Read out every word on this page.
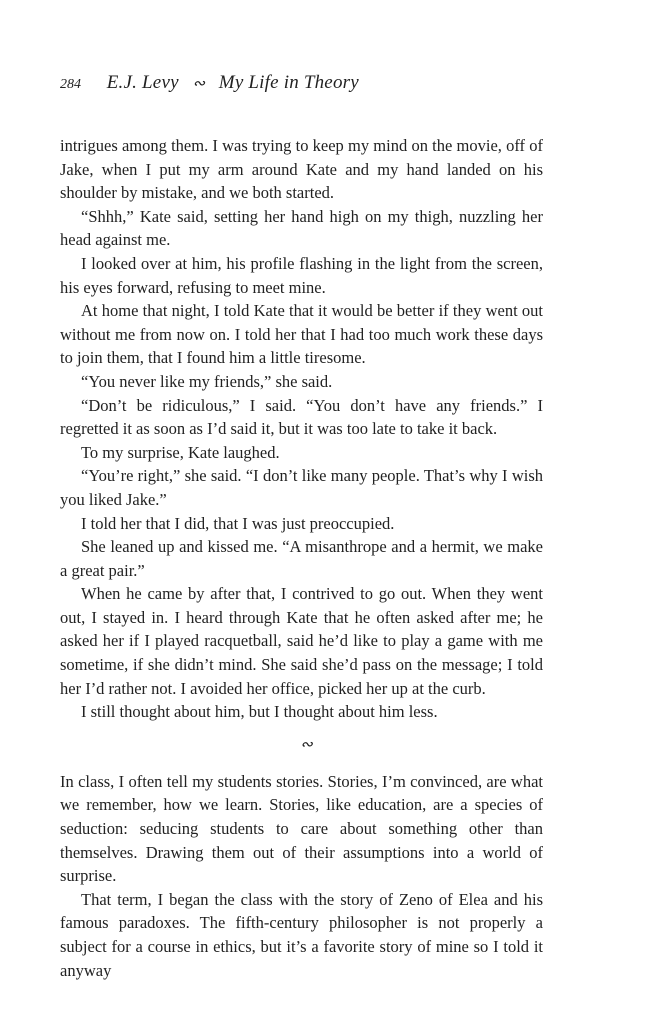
284 E.J. Levy ∾ My Life in Theory

intrigues among them. I was trying to keep my mind on the movie, off of Jake, when I put my arm around Kate and my hand landed on his shoulder by mistake, and we both started.

“Shhh,” Kate said, setting her hand high on my thigh, nuzzling her head against me.

I looked over at him, his profile flashing in the light from the screen, his eyes forward, refusing to meet mine.

At home that night, I told Kate that it would be better if they went out without me from now on. I told her that I had too much work these days to join them, that I found him a little tiresome.

“You never like my friends,” she said.

“Don’t be ridiculous,” I said. “You don’t have any friends.” I regretted it as soon as I’d said it, but it was too late to take it back.

To my surprise, Kate laughed.

“You’re right,” she said. “I don’t like many people. That’s why I wish you liked Jake.”

I told her that I did, that I was just preoccupied.

She leaned up and kissed me. “A misanthrope and a hermit, we make a great pair.”

When he came by after that, I contrived to go out. When they went out, I stayed in. I heard through Kate that he often asked after me; he asked her if I played racquetball, said he’d like to play a game with me sometime, if she didn’t mind. She said she’d pass on the message; I told her I’d rather not. I avoided her office, picked her up at the curb.

I still thought about him, but I thought about him less.

∾

In class, I often tell my students stories. Stories, I’m convinced, are what we remember, how we learn. Stories, like education, are a species of seduction: seducing students to care about something other than themselves. Drawing them out of their assumptions into a world of surprise.

That term, I began the class with the story of Zeno of Elea and his famous paradoxes. The fifth-century philosopher is not properly a subject for a course in ethics, but it’s a favorite story of mine so I told it anyway
